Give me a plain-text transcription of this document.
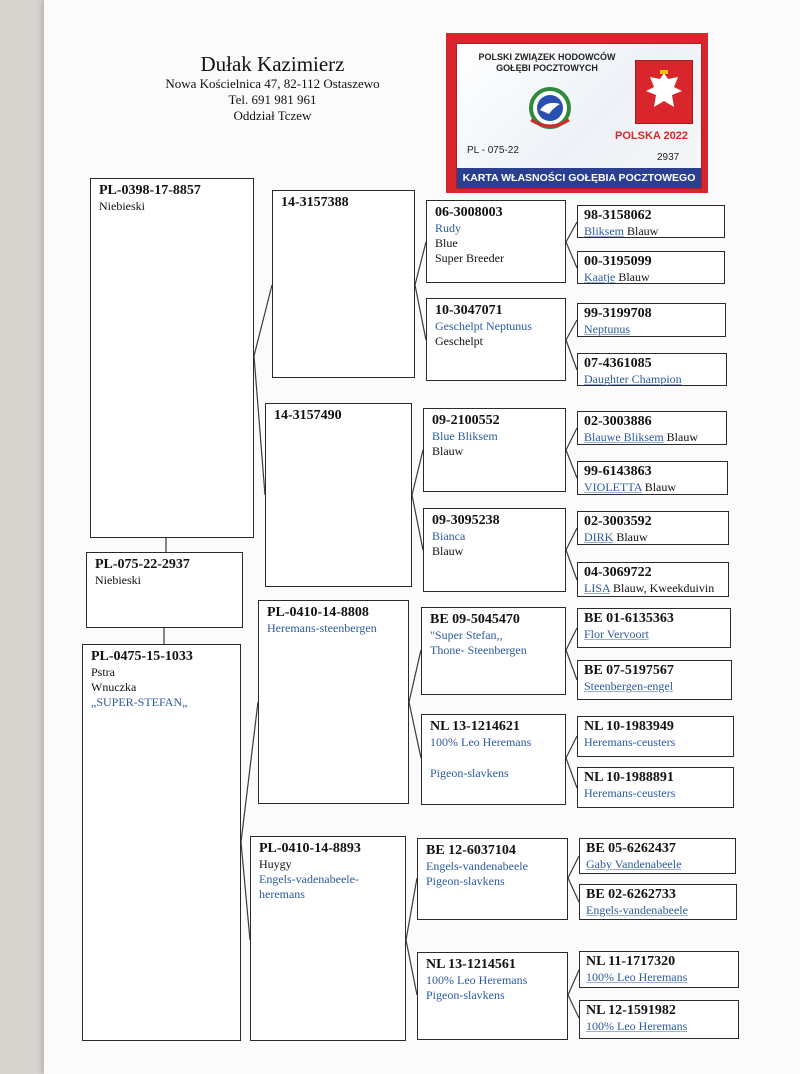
Dułak Kazimierz
Nowa Kościelnica 47, 82-112 Ostaszewo
Tel. 691 981 961
Oddział Tczew
POLSKI ZWIĄZEK HODOWCÓW
GOŁĘBI POCZTOWYCH
POLSKA 2022
PL - 075-22
2937
KARTA WŁASNOŚCI GOŁĘBIA POCZTOWEGO
PL-0398-17-8857
Niebieski
PL-075-22-2937
Niebieski
PL-0475-15-1033
Pstra
Wnuczka
„SUPER-STEFAN„
14-3157388
14-3157490
PL-0410-14-8808
Heremans-steenbergen
PL-0410-14-8893
Huygy
Engels-vadenabeele-
heremans
06-3008003
Rudy
Blue
Super Breeder
10-3047071
Geschelpt Neptunus
Geschelpt
09-2100552
Blue Bliksem
Blauw
09-3095238
Bianca
Blauw
BE 09-5045470
"Super Stefan,,
Thone- Steenbergen
NL 13-1214621
100% Leo Heremans
Pigeon-slavkens
BE 12-6037104
Engels-vandenabeele
Pigeon-slavkens
NL 13-1214561
100% Leo Heremans
Pigeon-slavkens
98-3158062
Bliksem Blauw
00-3195099
Kaatje Blauw
99-3199708
Neptunus
07-4361085
Daughter Champion
02-3003886
Blauwe Bliksem Blauw
99-6143863
VIOLETTA Blauw
02-3003592
DIRK Blauw
04-3069722
LISA Blauw, Kweekduivin
BE 01-6135363
Flor Vervoort
BE 07-5197567
Steenbergen-engel
NL 10-1983949
Heremans-ceusters
NL 10-1988891
Heremans-ceusters
BE 05-6262437
Gaby Vandenabeele
BE 02-6262733
Engels-vandenabeele
NL 11-1717320
100% Leo Heremans
NL 12-1591982
100% Leo Heremans
